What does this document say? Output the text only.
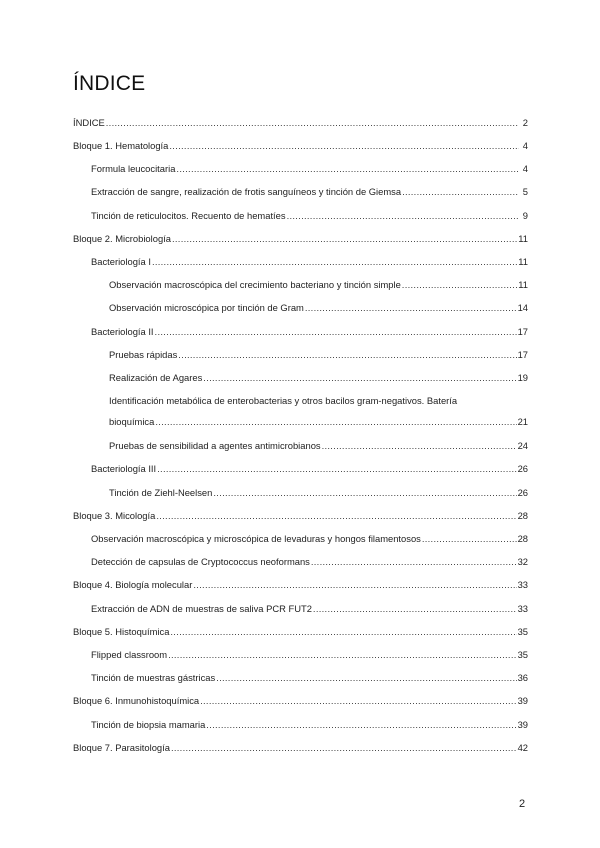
ÍNDICE
ÍNDICE .....	2
Bloque 1. Hematología .....	4
Formula leucocitaria .....	4
Extracción de sangre, realización de frotis sanguíneos y tinción de Giemsa .....	5
Tinción de reticulocitos. Recuento de hematíes .....	9
Bloque 2. Microbiología .....	11
Bacteriología I .....	11
Observación macroscópica del crecimiento bacteriano y tinción simple .....	11
Observación microscópica por tinción de Gram .....	14
Bacteriología II .....	17
Pruebas rápidas .....	17
Realización de Agares .....	19
Identificación metabólica de enterobacterias y otros bacilos gram-negativos. Batería
bioquímica .....	21
Pruebas de sensibilidad a agentes antimicrobianos .....	24
Bacteriología III .....	26
Tinción de Ziehl-Neelsen .....	26
Bloque 3. Micología .....	28
Observación macroscópica y microscópica de levaduras y hongos filamentosos .....	28
Detección de capsulas de Cryptococcus neoformans .....	32
Bloque 4. Biología molecular .....	33
Extracción de ADN de muestras de saliva PCR FUT2 .....	33
Bloque 5. Histoquímica .....	35
Flipped classroom .....	35
Tinción de muestras gástricas .....	36
Bloque 6. Inmunohistoquímica .....	39
Tinción de biopsia mamaria .....	39
Bloque 7. Parasitología .....	42
2
